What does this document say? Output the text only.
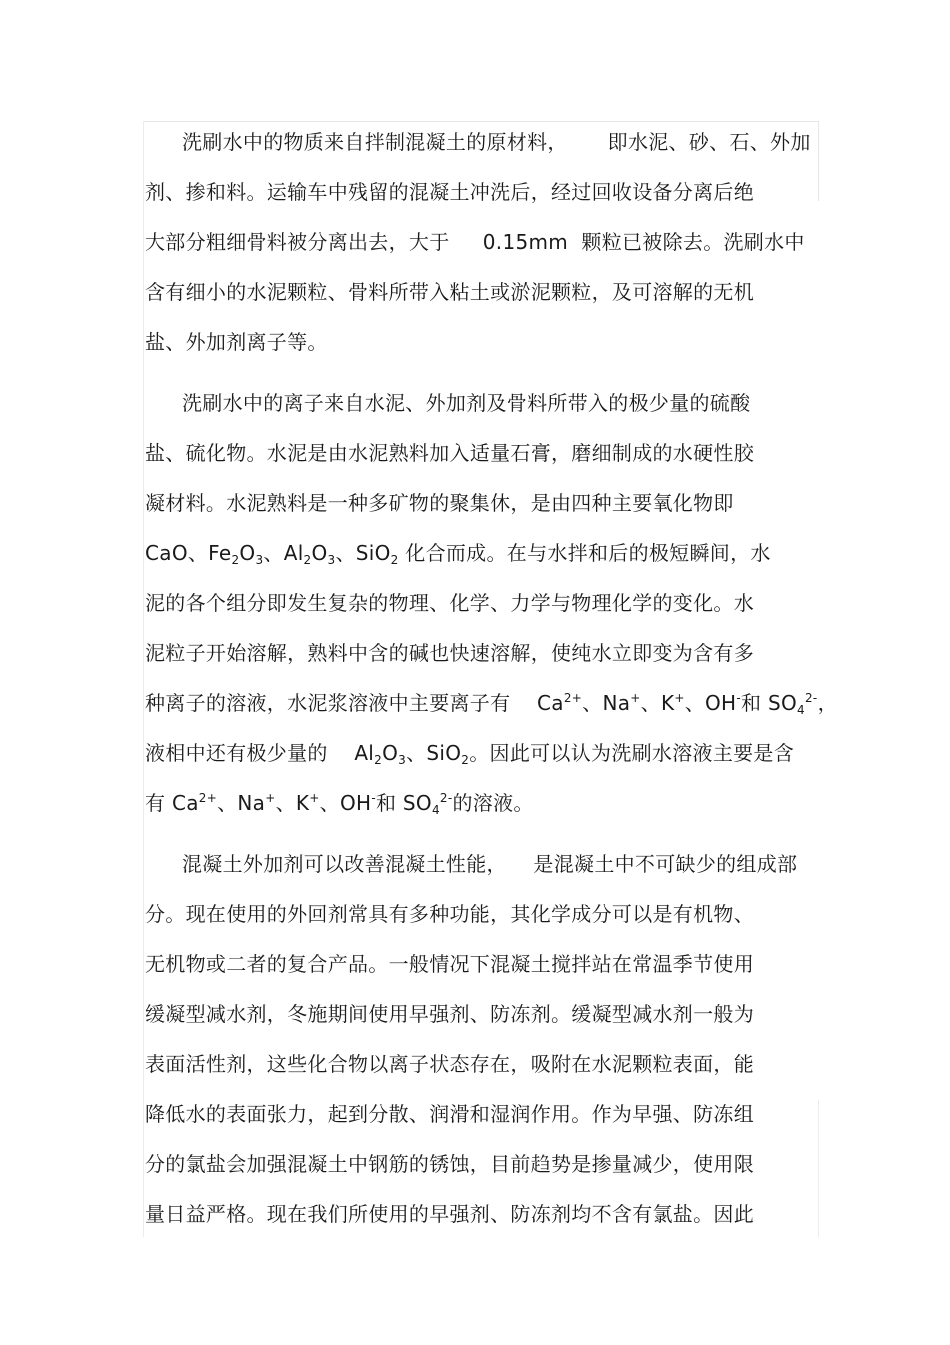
洗刷水中的物质来自拌制混凝土的原材料，      即水泥、砂、石、外加
剂、掺和料。运输车中残留的混凝土冲洗后，经过回收设备分离后绝
大部分粗细骨料被分离出去，大于     0.15mm  颗粒已被除去。洗刷水中
含有细小的水泥颗粒、骨料所带入粘土或淤泥颗粒，及可溶解的无机
盐、外加剂离子等。
洗刷水中的离子来自水泥、外加剂及骨料所带入的极少量的硫酸
盐、硫化物。水泥是由水泥熟料加入适量石膏，磨细制成的水硬性胶
凝材料。水泥熟料是一种多矿物的聚集休，是由四种主要氧化物即
CaO、$Fe_2O_3$、$Al_2O_3$、SiO$_2$ 化合而成。在与水拌和后的极短瞬间，水
泥的各个组分即发生复杂的物理、化学、力学与物理化学的变化。水
泥粒子开始溶解，熟料中含的碱也快速溶解，使纯水立即变为含有多
种离子的溶液，水泥浆溶液中主要离子有    $Ca^{2+}$、Na+、K+、OH-和 $SO_4^{2-}$，
液相中还有极少量的    $Al_2O_3$、SiO$_2$。因此可以认为洗刷水溶液主要是含
有 $Ca^{2+}$、Na+、K+、OH-和 $SO_4^{2-}$的溶液。
混凝土外加剂可以改善混凝土性能，    是混凝土中不可缺少的组成部
分。现在使用的外回剂常具有多种功能，其化学成分可以是有机物、
无机物或二者的复合产品。一般情况下混凝土搅拌站在常温季节使用
缓凝型减水剂，冬施期间使用早强剂、防冻剂。缓凝型减水剂一般为
表面活性剂，这些化合物以离子状态存在，吸附在水泥颗粒表面，能
降低水的表面张力，起到分散、润滑和湿润作用。作为早强、防冻组
分的氯盐会加强混凝土中钢筋的锈蚀，目前趋势是掺量减少，使用限
量日益严格。现在我们所使用的早强剂、防冻剂均不含有氯盐。因此
